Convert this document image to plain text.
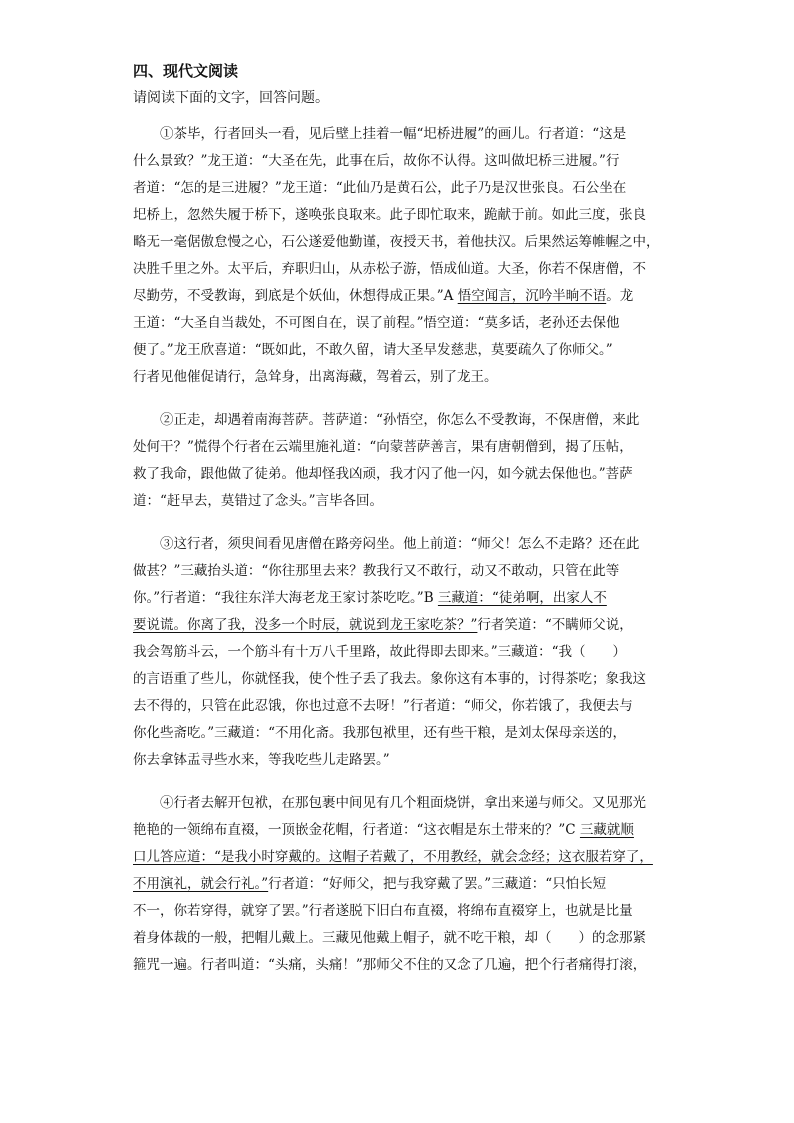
四、现代文阅读
请阅读下面的文字，回答问题。
　　①茶毕，行者回头一看，见后壁上挂着一幅“圯桥进履”的画儿。行者道：“这是
什么景致？”龙王道：“大圣在先，此事在后，故你不认得。这叫做圯桥三进履。”行
者道：“怎的是三进履？”龙王道：“此仙乃是黄石公，此子乃是汉世张良。石公坐在
圯桥上，忽然失履于桥下，遂唤张良取来。此子即忙取来，跪献于前。如此三度，张良
略无一毫倨傲怠慢之心，石公遂爱他勤谨，夜授天书，着他扶汉。后果然运筹帷幄之中，
决胜千里之外。太平后，弃职归山，从赤松子游，悟成仙道。大圣，你若不保唐僧，不
尽勤劳，不受教诲，到底是个妖仙，休想得成正果。”A 悟空闻言，沉吟半晌不语。龙
王道：“大圣自当裁处，不可图自在，误了前程。”悟空道：“莫多话，老孙还去保他
便了。”龙王欣喜道：“既如此，不敢久留，请大圣早发慈悲，莫要疏久了你师父。”
行者见他催促请行，急耸身，出离海藏，驾着云，别了龙王。
　　②正走，却遇着南海菩萨。菩萨道：“孙悟空，你怎么不受教诲，不保唐僧，来此
处何干？”慌得个行者在云端里施礼道：“向蒙菩萨善言，果有唐朝僧到，揭了压帖，
救了我命，跟他做了徒弟。他却怪我凶顽，我才闪了他一闪，如今就去保他也。”菩萨
道：“赶早去，莫错过了念头。”言毕各回。
　　③这行者，须臾间看见唐僧在路旁闷坐。他上前道：“师父！怎么不走路？还在此
做甚？”三藏抬头道：“你往那里去来？教我行又不敢行，动又不敢动，只管在此等
你。”行者道：“我往东洋大海老龙王家讨茶吃吃。”B 三藏道：“徒弟啊，出家人不
要说谎。你离了我，没多一个时辰，就说到龙王家吃茶？”行者笑道：“不瞒师父说，
我会驾筋斗云，一个筋斗有十万八千里路，故此得即去即来。”三藏道：“我（　　）
的言语重了些儿，你就怪我，使个性子丢了我去。象你这有本事的，讨得茶吃；象我这
去不得的，只管在此忍饿，你也过意不去呀！”行者道：“师父，你若饿了，我便去与
你化些斋吃。”三藏道：“不用化斋。我那包袱里，还有些干粮，是刘太保母亲送的，
你去拿钵盂寻些水来，等我吃些儿走路罢。”
　　④行者去解开包袱，在那包裹中间见有几个粗面烧饼，拿出来递与师父。又见那光
艳艳的一领绵布直裰，一顶嵌金花帽，行者道：“这衣帽是东土带来的？”C 三藏就顺
口儿答应道：“是我小时穿戴的。这帽子若戴了，不用教经，就会念经；这衣服若穿了，
不用演礼，就会行礼。”行者道：“好师父，把与我穿戴了罢。”三藏道：“只怕长短
不一，你若穿得，就穿了罢。”行者遂脱下旧白布直裰，将绵布直裰穿上，也就是比量
着身体裁的一般，把帽儿戴上。三藏见他戴上帽子，就不吃干粮，却（　　）的念那紧
箍咒一遍。行者叫道：“头痛，头痛！”那师父不住的又念了几遍，把个行者痛得打滚，
